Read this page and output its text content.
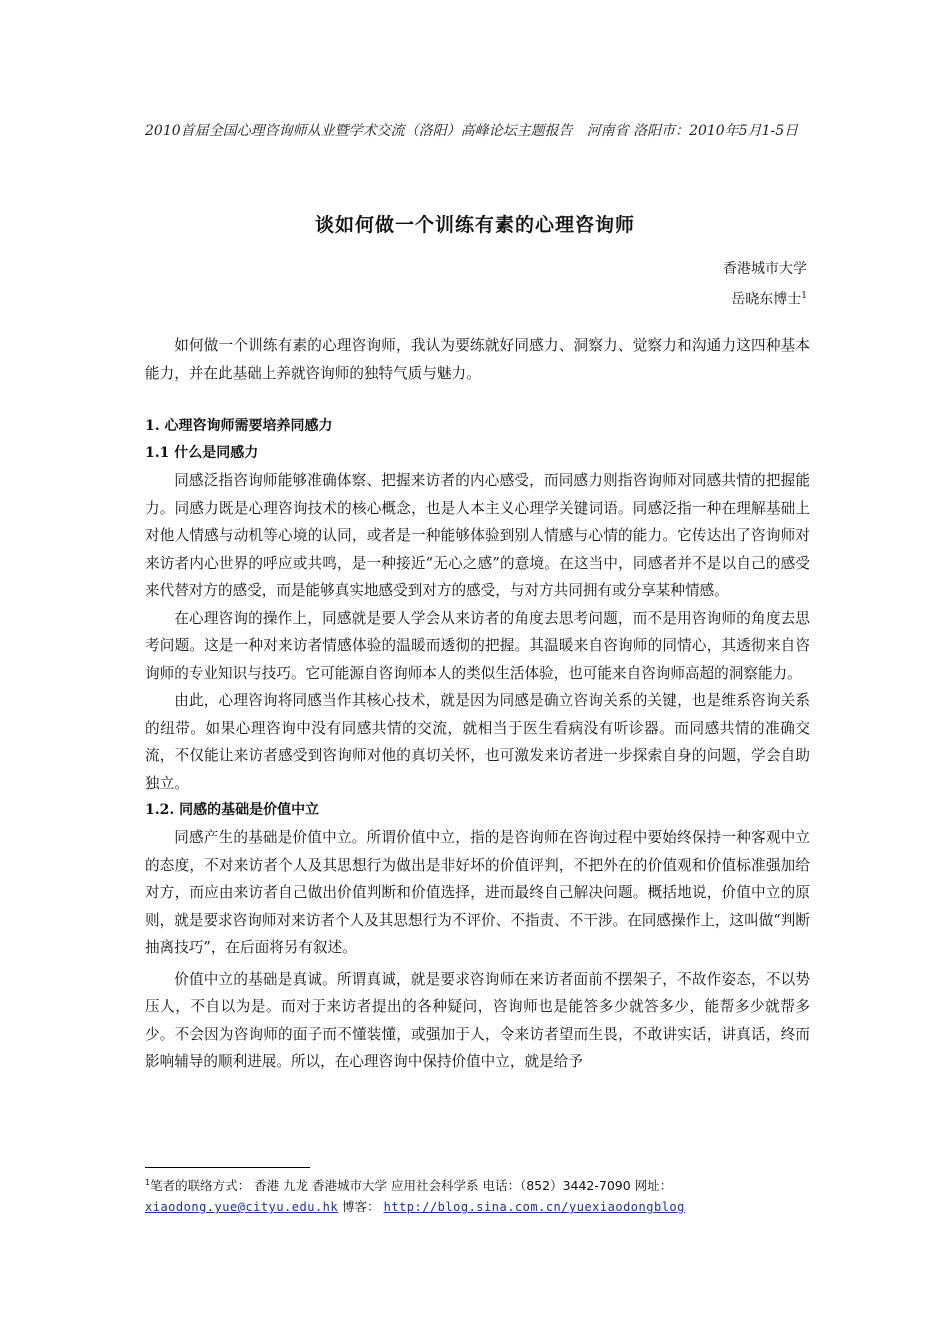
2010首届全国心理咨询师从业暨学术交流（洛阳）高峰论坛主题报告　河南省 洛阳市：2010年5月1-5日
谈如何做一个训练有素的心理咨询师
香港城市大学
岳晓东博士$^1$

如何做一个训练有素的心理咨询师，我认为要练就好同感力、洞察力、觉察力和沟通力这四种基本能力，并在此基础上养就咨询师的独特气质与魅力。

1. 心理咨询师需要培养同感力
1.1 什么是同感力

同感泛指咨询师能够准确体察、把握来访者的内心感受，而同感力则指咨询师对同感共情的把握能力。同感力既是心理咨询技术的核心概念，也是人本主义心理学关键词语。同感泛指一种在理解基础上对他人情感与动机等心境的认同，或者是一种能够体验到别人情感与心情的能力。它传达出了咨询师对来访者内心世界的呼应或共鸣，是一种接近“无心之感”的意境。在这当中，同感者并不是以自己的感受来代替对方的感受，而是能够真实地感受到对方的感受，与对方共同拥有或分享某种情感。

在心理咨询的操作上，同感就是要人学会从来访者的角度去思考问题，而不是用咨询师的角度去思考问题。这是一种对来访者情感体验的温暖而透彻的把握。其温暖来自咨询师的同情心，其透彻来自咨询师的专业知识与技巧。它可能源自咨询师本人的类似生活体验，也可能来自咨询师高超的洞察能力。

由此，心理咨询将同感当作其核心技术，就是因为同感是确立咨询关系的关键，也是维系咨询关系的纽带。如果心理咨询中没有同感共情的交流，就相当于医生看病没有听诊器。而同感共情的准确交流，不仅能让来访者感受到咨询师对他的真切关怀，也可激发来访者进一步探索自身的问题，学会自助独立。

1.2. 同感的基础是价值中立

同感产生的基础是价值中立。所谓价值中立，指的是咨询师在咨询过程中要始终保持一种客观中立的态度，不对来访者个人及其思想行为做出是非好坏的价值评判，不把外在的价值观和价值标准强加给对方，而应由来访者自己做出价值判断和价值选择，进而最终自己解决问题。概括地说，价值中立的原则，就是要求咨询师对来访者个人及其思想行为不评价、不指责、不干涉。在同感操作上，这叫做“判断抽离技巧”，在后面将另有叙述。

价值中立的基础是真诚。所谓真诚，就是要求咨询师在来访者面前不摆架子，不故作姿态，不以势压人，不自以为是。而对于来访者提出的各种疑问，咨询师也是能答多少就答多少，能帮多少就帮多少。不会因为咨询师的面子而不懂装懂，或强加于人，令来访者望而生畏，不敢讲实话，讲真话，终而影响辅导的顺利进展。所以，在心理咨询中保持价值中立，就是给予

$^1$笔者的联络方式： 香港 九龙 香港城市大学 应用社会科学系 电话：（852）3442-7090 网址：
xiaodong.yue@cityu.edu.hk 博客： http://blog.sina.com.cn/yuexiaodongblog
